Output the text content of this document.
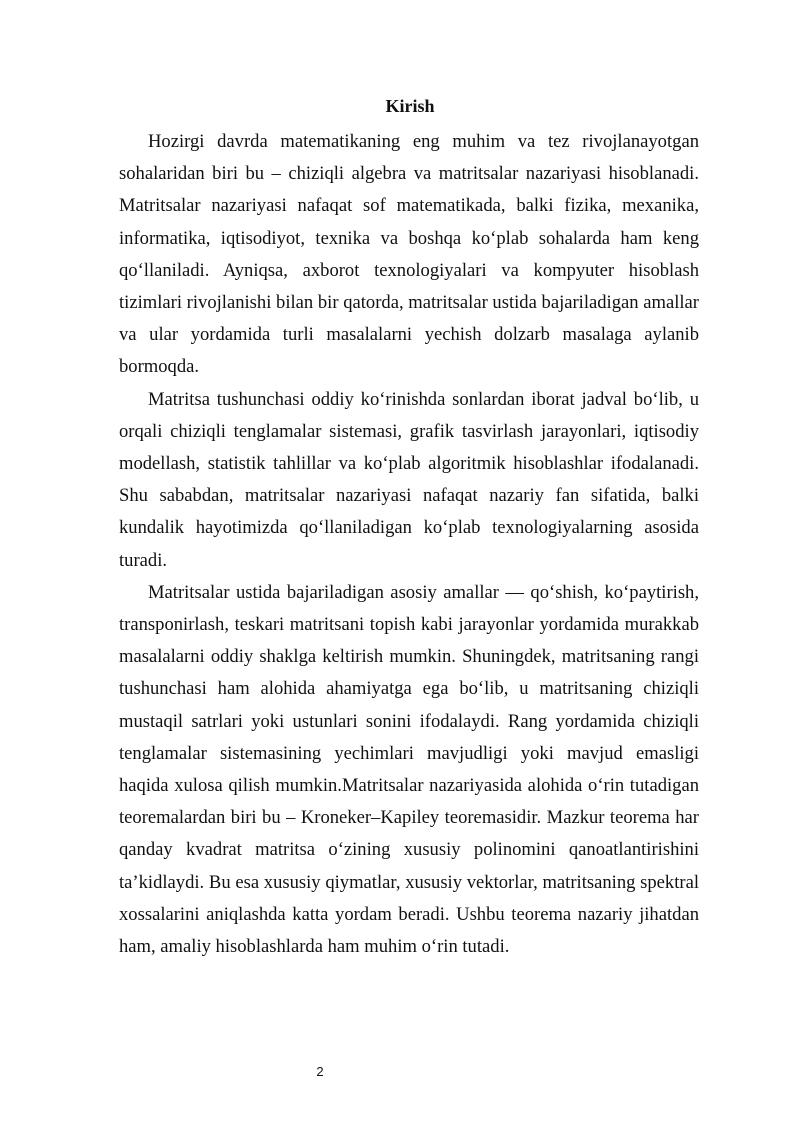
Kirish

Hozirgi davrda matematikaning eng muhim va tez rivojlanayotgan sohalaridan biri bu – chiziqli algebra va matritsalar nazariyasi hisoblanadi. Matritsalar nazariyasi nafaqat sof matematikada, balki fizika, mexanika, informatika, iqtisodiyot, texnika va boshqa ko‘plab sohalarda ham keng qo‘llaniladi. Ayniqsa, axborot texnologiyalari va kompyuter hisoblash tizimlari rivojlanishi bilan bir qatorda, matritsalar ustida bajariladigan amallar va ular yordamida turli masalalarni yechish dolzarb masalaga aylanib bormoqda.

Matritsa tushunchasi oddiy ko‘rinishda sonlardan iborat jadval bo‘lib, u orqali chiziqli tenglamalar sistemasi, grafik tasvirlash jarayonlari, iqtisodiy modellash, statistik tahlillar va ko‘plab algoritmik hisoblashlar ifodalanadi. Shu sababdan, matritsalar nazariyasi nafaqat nazariy fan sifatida, balki kundalik hayotimizda qo‘llaniladigan ko‘plab texnologiyalarning asosida turadi.

Matritsalar ustida bajariladigan asosiy amallar — qo‘shish, ko‘paytirish, transponirlash, teskari matritsani topish kabi jarayonlar yordamida murakkab masalalarni oddiy shaklga keltirish mumkin. Shuningdek, matritsaning rangi tushunchasi ham alohida ahamiyatga ega bo‘lib, u matritsaning chiziqli mustaqil satrlari yoki ustunlari sonini ifodalaydi. Rang yordamida chiziqli tenglamalar sistemasining yechimlari mavjudligi yoki mavjud emasligi haqida xulosa qilish mumkin.Matritsalar nazariyasida alohida o‘rin tutadigan teoremalardan biri bu – Kroneker–Kapiley teoremasidir. Mazkur teorema har qanday kvadrat matritsa o‘zining xususiy polinomini qanoatlantirishini ta’kidlaydi. Bu esa xususiy qiymatlar, xususiy vektorlar, matritsaning spektral xossalarini aniqlashda katta yordam beradi. Ushbu teorema nazariy jihatdan ham, amaliy hisoblashlarda ham muhim o‘rin tutadi.

2
